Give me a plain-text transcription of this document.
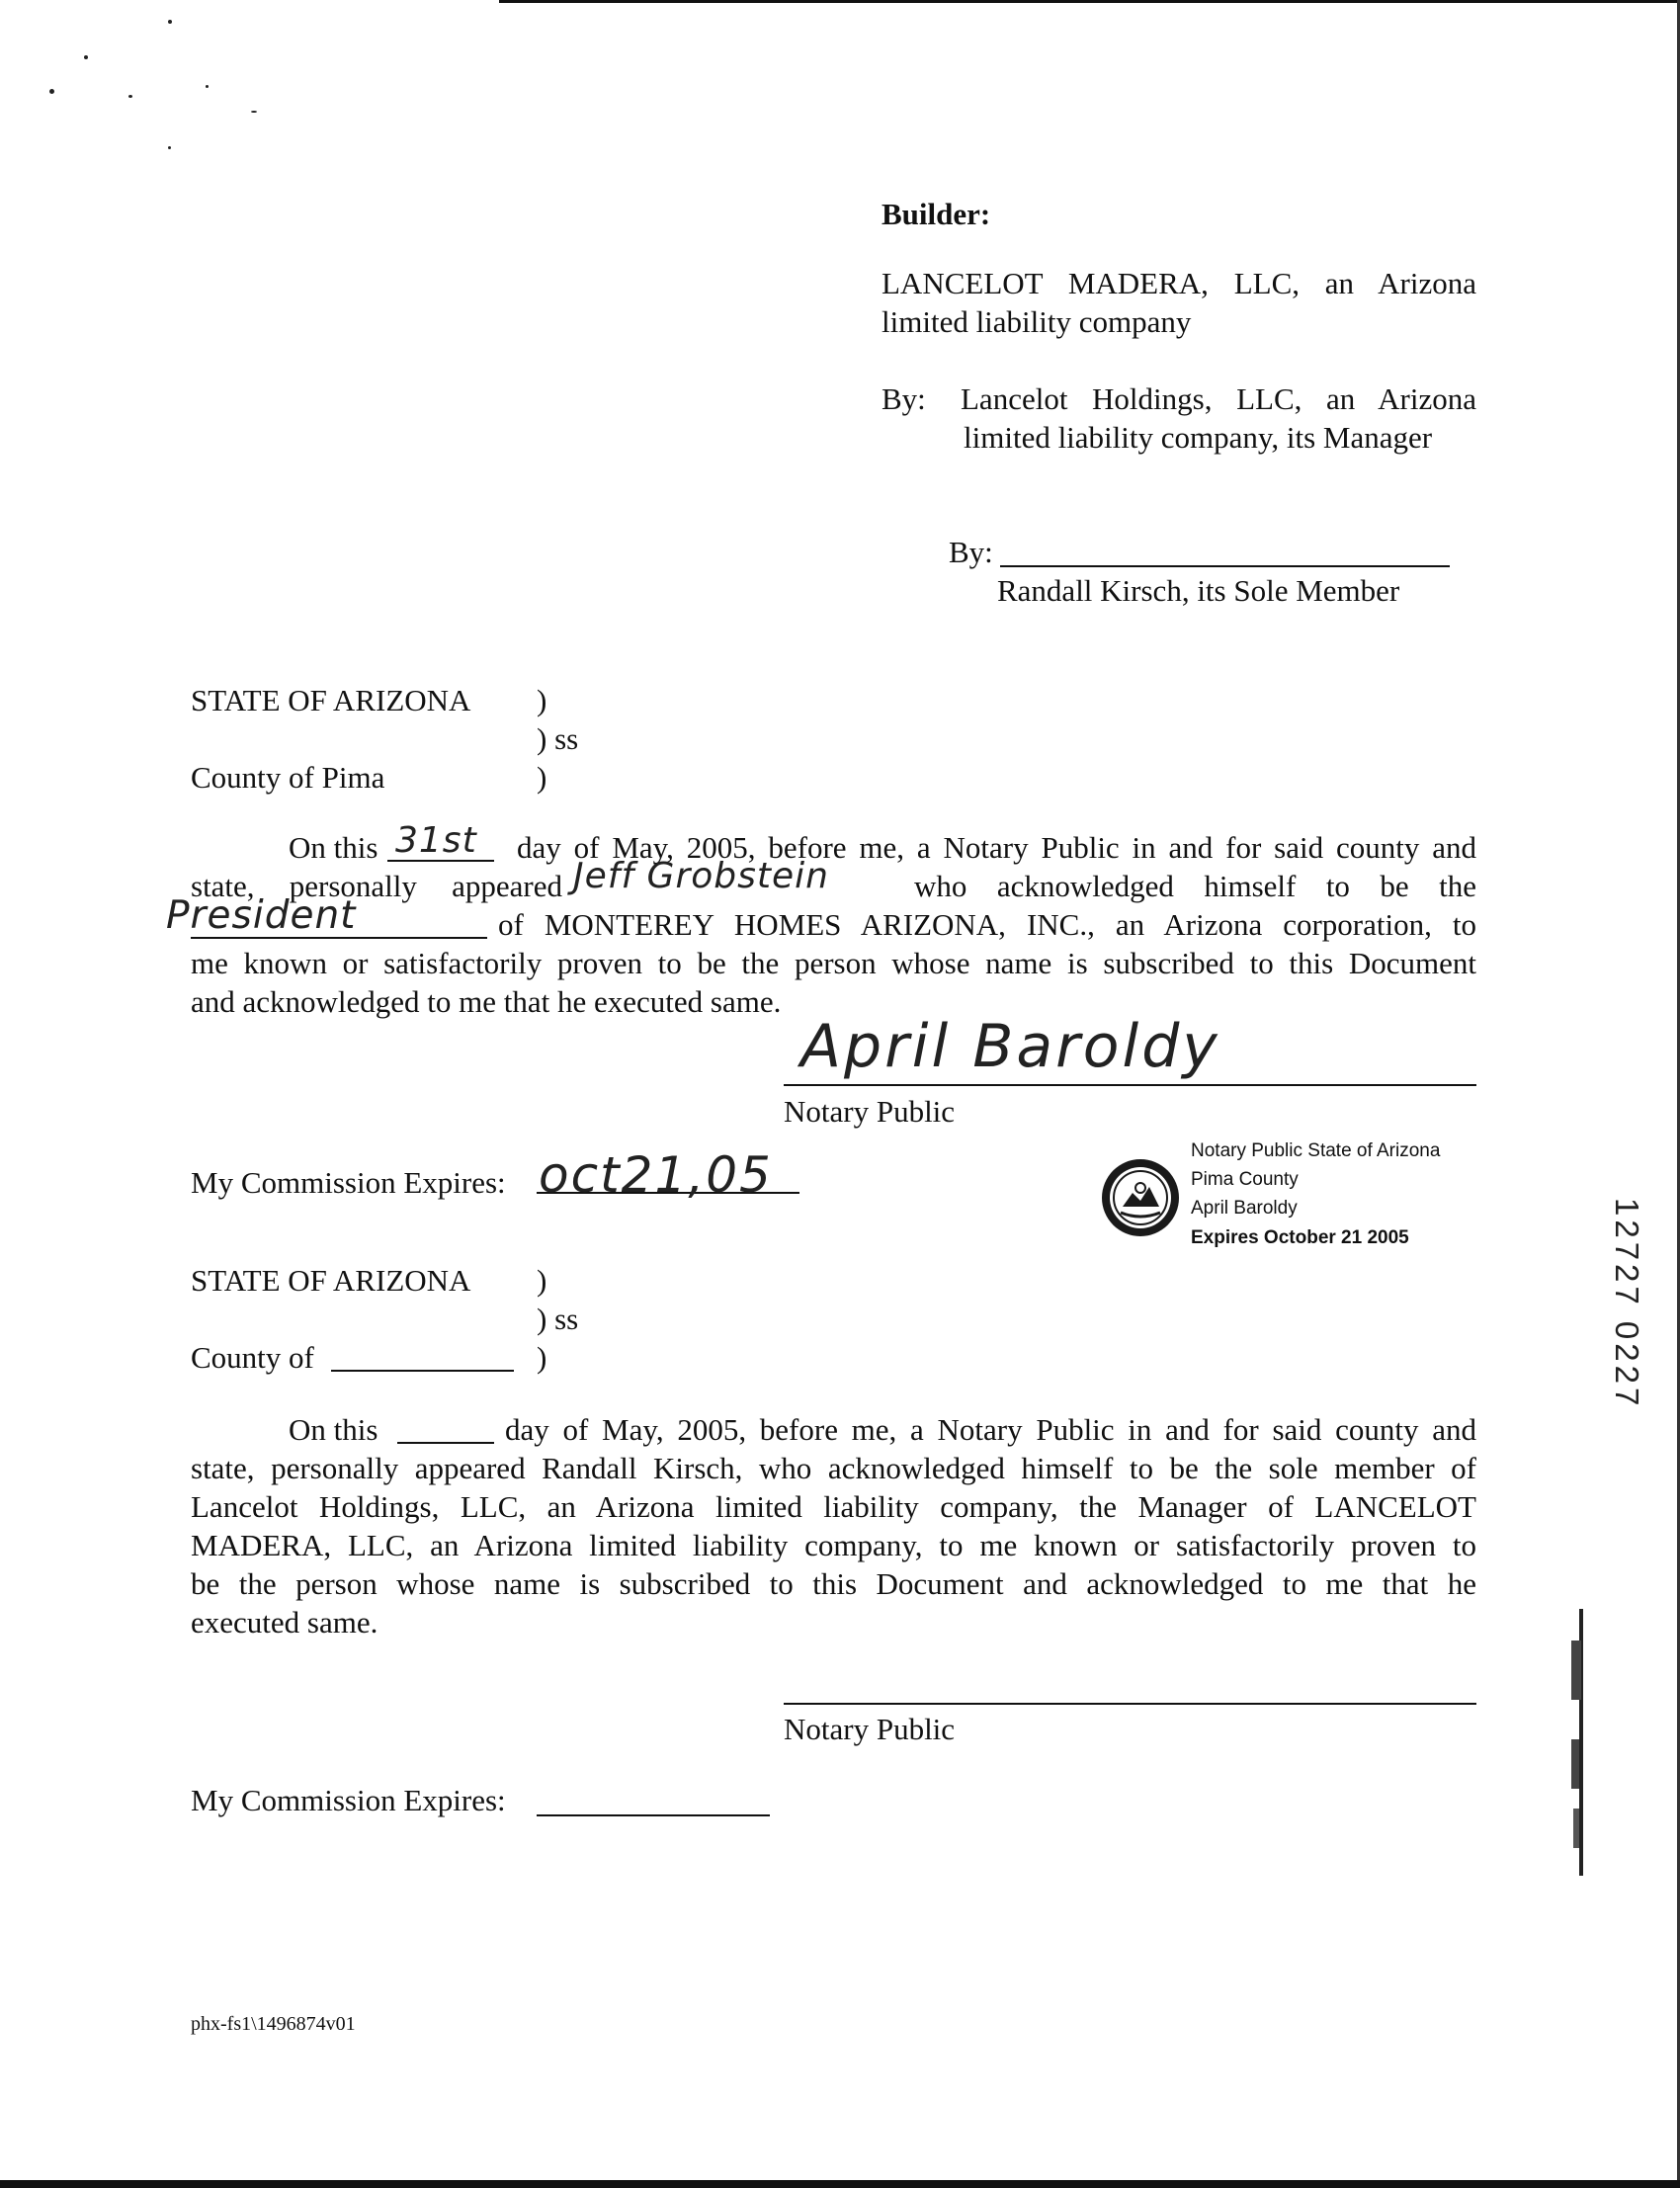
Builder:
LANCELOT MADERA, LLC, an Arizona
limited liability company
By: Lancelot Holdings, LLC, an Arizona
limited liability company, its Manager
By:
Randall Kirsch, its Sole Member
STATE OF ARIZONA )
) ss
County of Pima	)
On this 31st day of May, 2005, before me, a Notary Public in and for said county and
state, personally appeared Jeff Grobstein	who acknowledged himself to be the
President	of MONTEREY HOMES ARIZONA, INC., an Arizona corporation, to
me known or satisfactorily proven to be the person whose name is subscribed to this Document
and acknowledged to me that he executed same.
April Baroldy
Notary Public
My Commission Expires: oct21,05	Notary Public State of Arizona
Pima County
April Baroldy
Expires October 21 2005
STATE OF ARIZONA )
) ss
County of	)
On this	day of May, 2005, before me, a Notary Public in and for said county and
state, personally appeared Randall Kirsch, who acknowledged himself to be the sole member of
Lancelot Holdings, LLC, an Arizona limited liability company, the Manager of LANCELOT
MADERA, LLC, an Arizona limited liability company, to me known or satisfactorily proven to
be the person whose name is subscribed to this Document and acknowledged to me that he
executed same.
Notary Public
My Commission Expires:
phx-fs1\1496874v01
12727 0227
